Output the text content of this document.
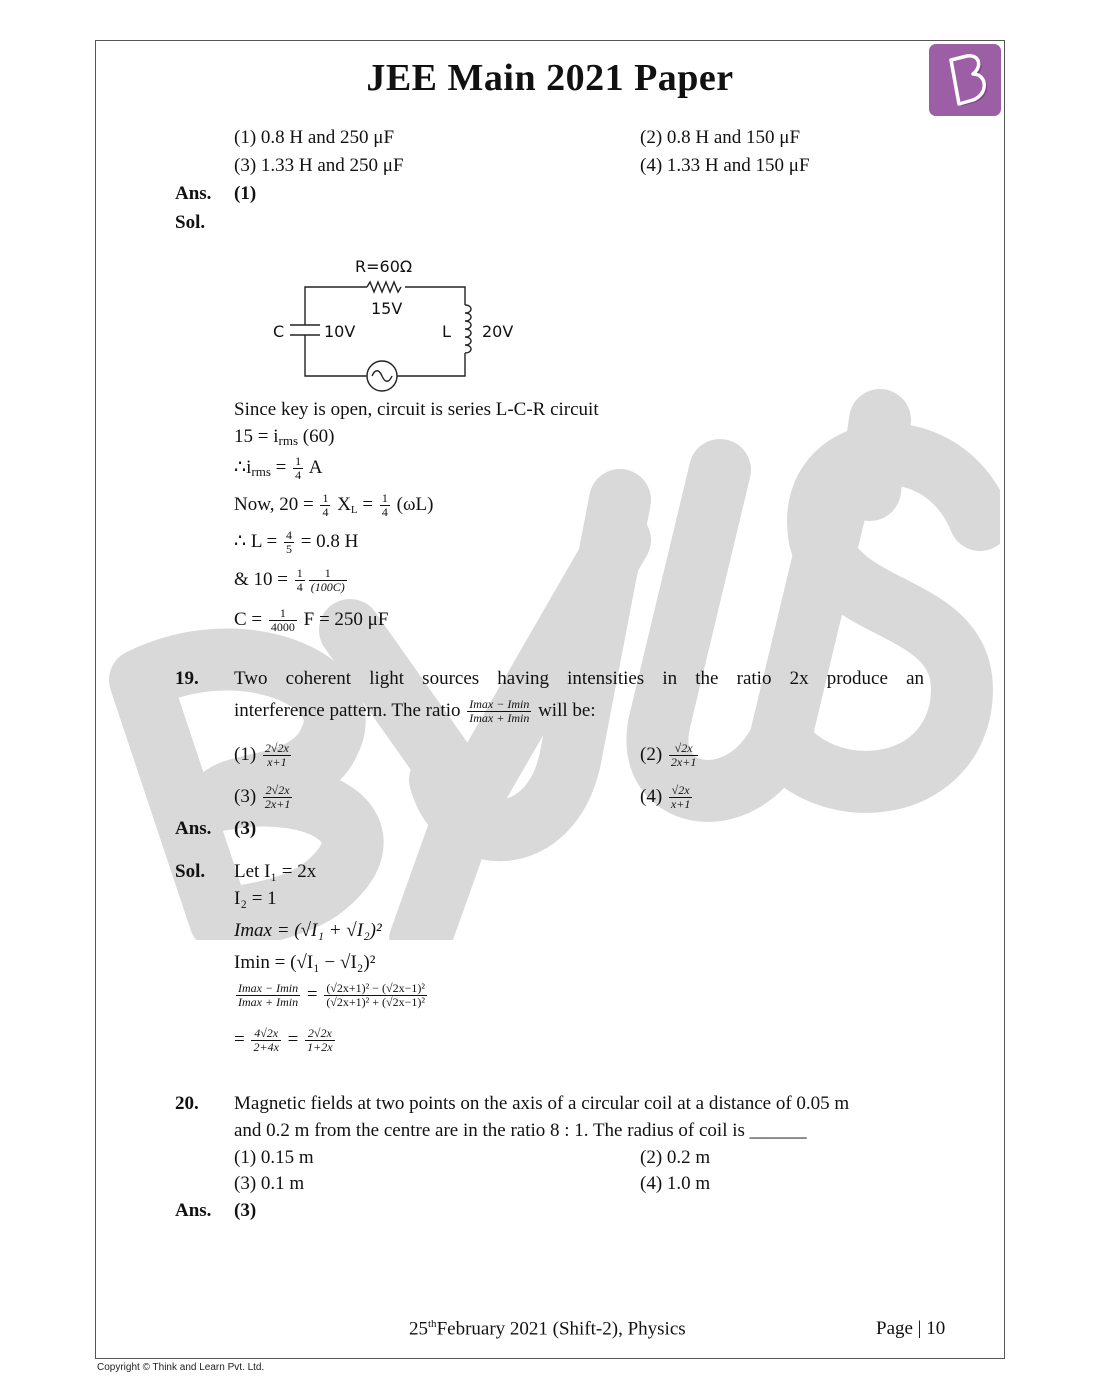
JEE Main 2021 Paper
(1) 0.8 H and 250 μF	(2) 0.8 H and 150 μF
(3) 1.33 H and 250 μF	(4) 1.33 H and 150 μF
Ans. (1)
Sol.
R=60Ω
15V
C 10V	L 20V
Since key is open, circuit is series L-C-R circuit
$15 = i_{rms}$ (60)
$\therefore i_{rms} = \frac{1}{4}$ A
Now, $20 = \frac{1}{4} X_L = \frac{1}{4} (\omega L)$
∴ $L = \frac{4}{5} = 0.8$ H
& $10 = \frac{1}{4} \frac{1}{(100C)}$
$C = \frac{1}{4000}$ F = 250 μF
19. Two coherent light sources having intensities in the ratio 2x produce an
interference pattern. The ratio $\frac{Imax - Imin}{Imax + Imin}$ will be:
$(1) \frac{2√2x}{x+1}$	$(2) \frac{√2x}{2x+1}$
$(3) \frac{2√2x}{2x+1}$	$(4) \frac{√2x}{x+1}$
Ans. (3)
Sol. Let I₁ = 2x
I₂ = 1
Imax = (√I₁ + √I₂)²
Imin = (√I₁ − √I₂)²
$\frac{Imax - Imin}{Imax + Imin} = \frac{\text{(√2x+1)² − (√2x−1)²}}{\text{(√2x+1)² + (√2x−1)²}}$
= $\frac{4√2x}{2+4x} = \frac{2√2x}{1+2x}$
20. Magnetic fields at two points on the axis of a circular coil at a distance of 0.05 m
and 0.2 m from the centre are in the ratio 8 : 1. The radius of coil is ______
(1) 0.15 m	(2) 0.2 m
(3) 0.1 m	(4) 1.0 m
Ans. (3)
25thFebruary 2021 (Shift-2), Physics	Page | 10
Copyright © Think and Learn Pvt. Ltd.
